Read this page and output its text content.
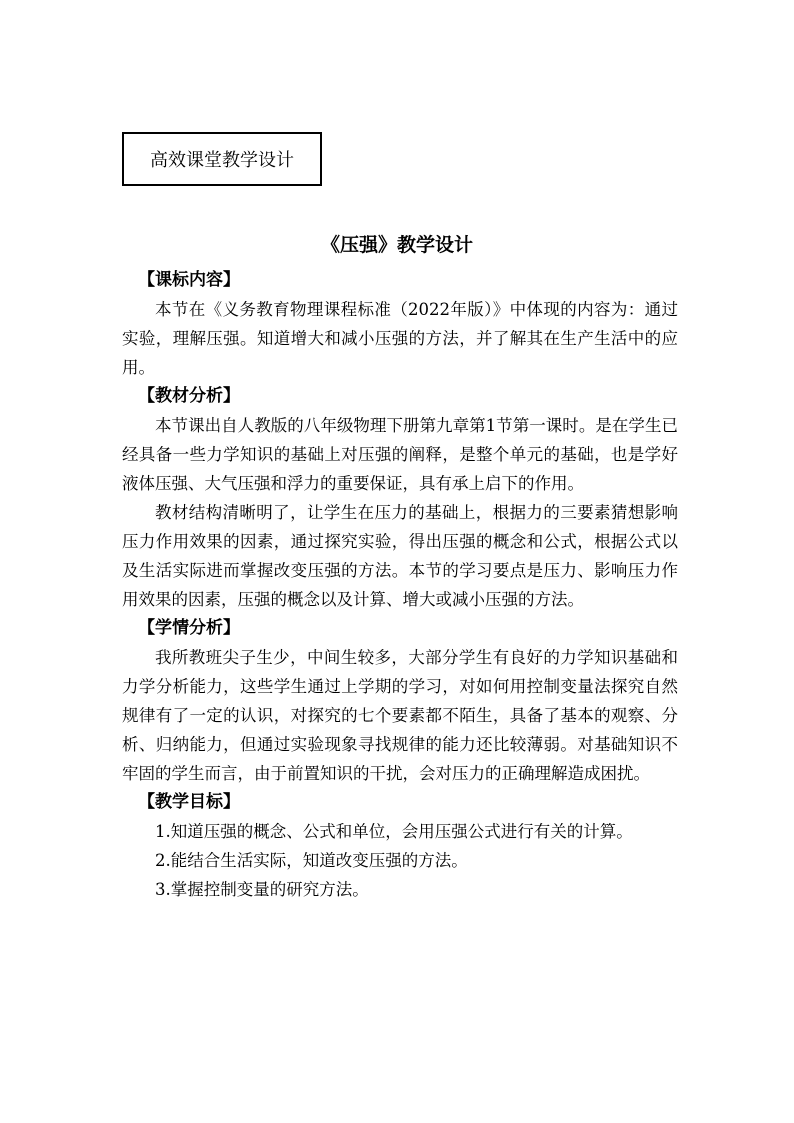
高效课堂教学设计
《压强》教学设计

【课标内容】

本节在《义务教育物理课程标准（2022年版）》中体现的内容为：通过实验，理解压强。知道增大和减小压强的方法，并了解其在生产生活中的应用。

【教材分析】

本节课出自人教版的八年级物理下册第九章第1节第一课时。是在学生已经具备一些力学知识的基础上对压强的阐释，是整个单元的基础，也是学好液体压强、大气压强和浮力的重要保证，具有承上启下的作用。

教材结构清晰明了，让学生在压力的基础上，根据力的三要素猜想影响压力作用效果的因素，通过探究实验，得出压强的概念和公式，根据公式以及生活实际进而掌握改变压强的方法。本节的学习要点是压力、影响压力作用效果的因素，压强的概念以及计算、增大或减小压强的方法。

【学情分析】

我所教班尖子生少，中间生较多，大部分学生有良好的力学知识基础和力学分析能力，这些学生通过上学期的学习，对如何用控制变量法探究自然规律有了一定的认识，对探究的七个要素都不陌生，具备了基本的观察、分析、归纳能力，但通过实验现象寻找规律的能力还比较薄弱。对基础知识不牢固的学生而言，由于前置知识的干扰，会对压力的正确理解造成困扰。

【教学目标】

1.知道压强的概念、公式和单位，会用压强公式进行有关的计算。

2.能结合生活实际，知道改变压强的方法。

3.掌握控制变量的研究方法。
